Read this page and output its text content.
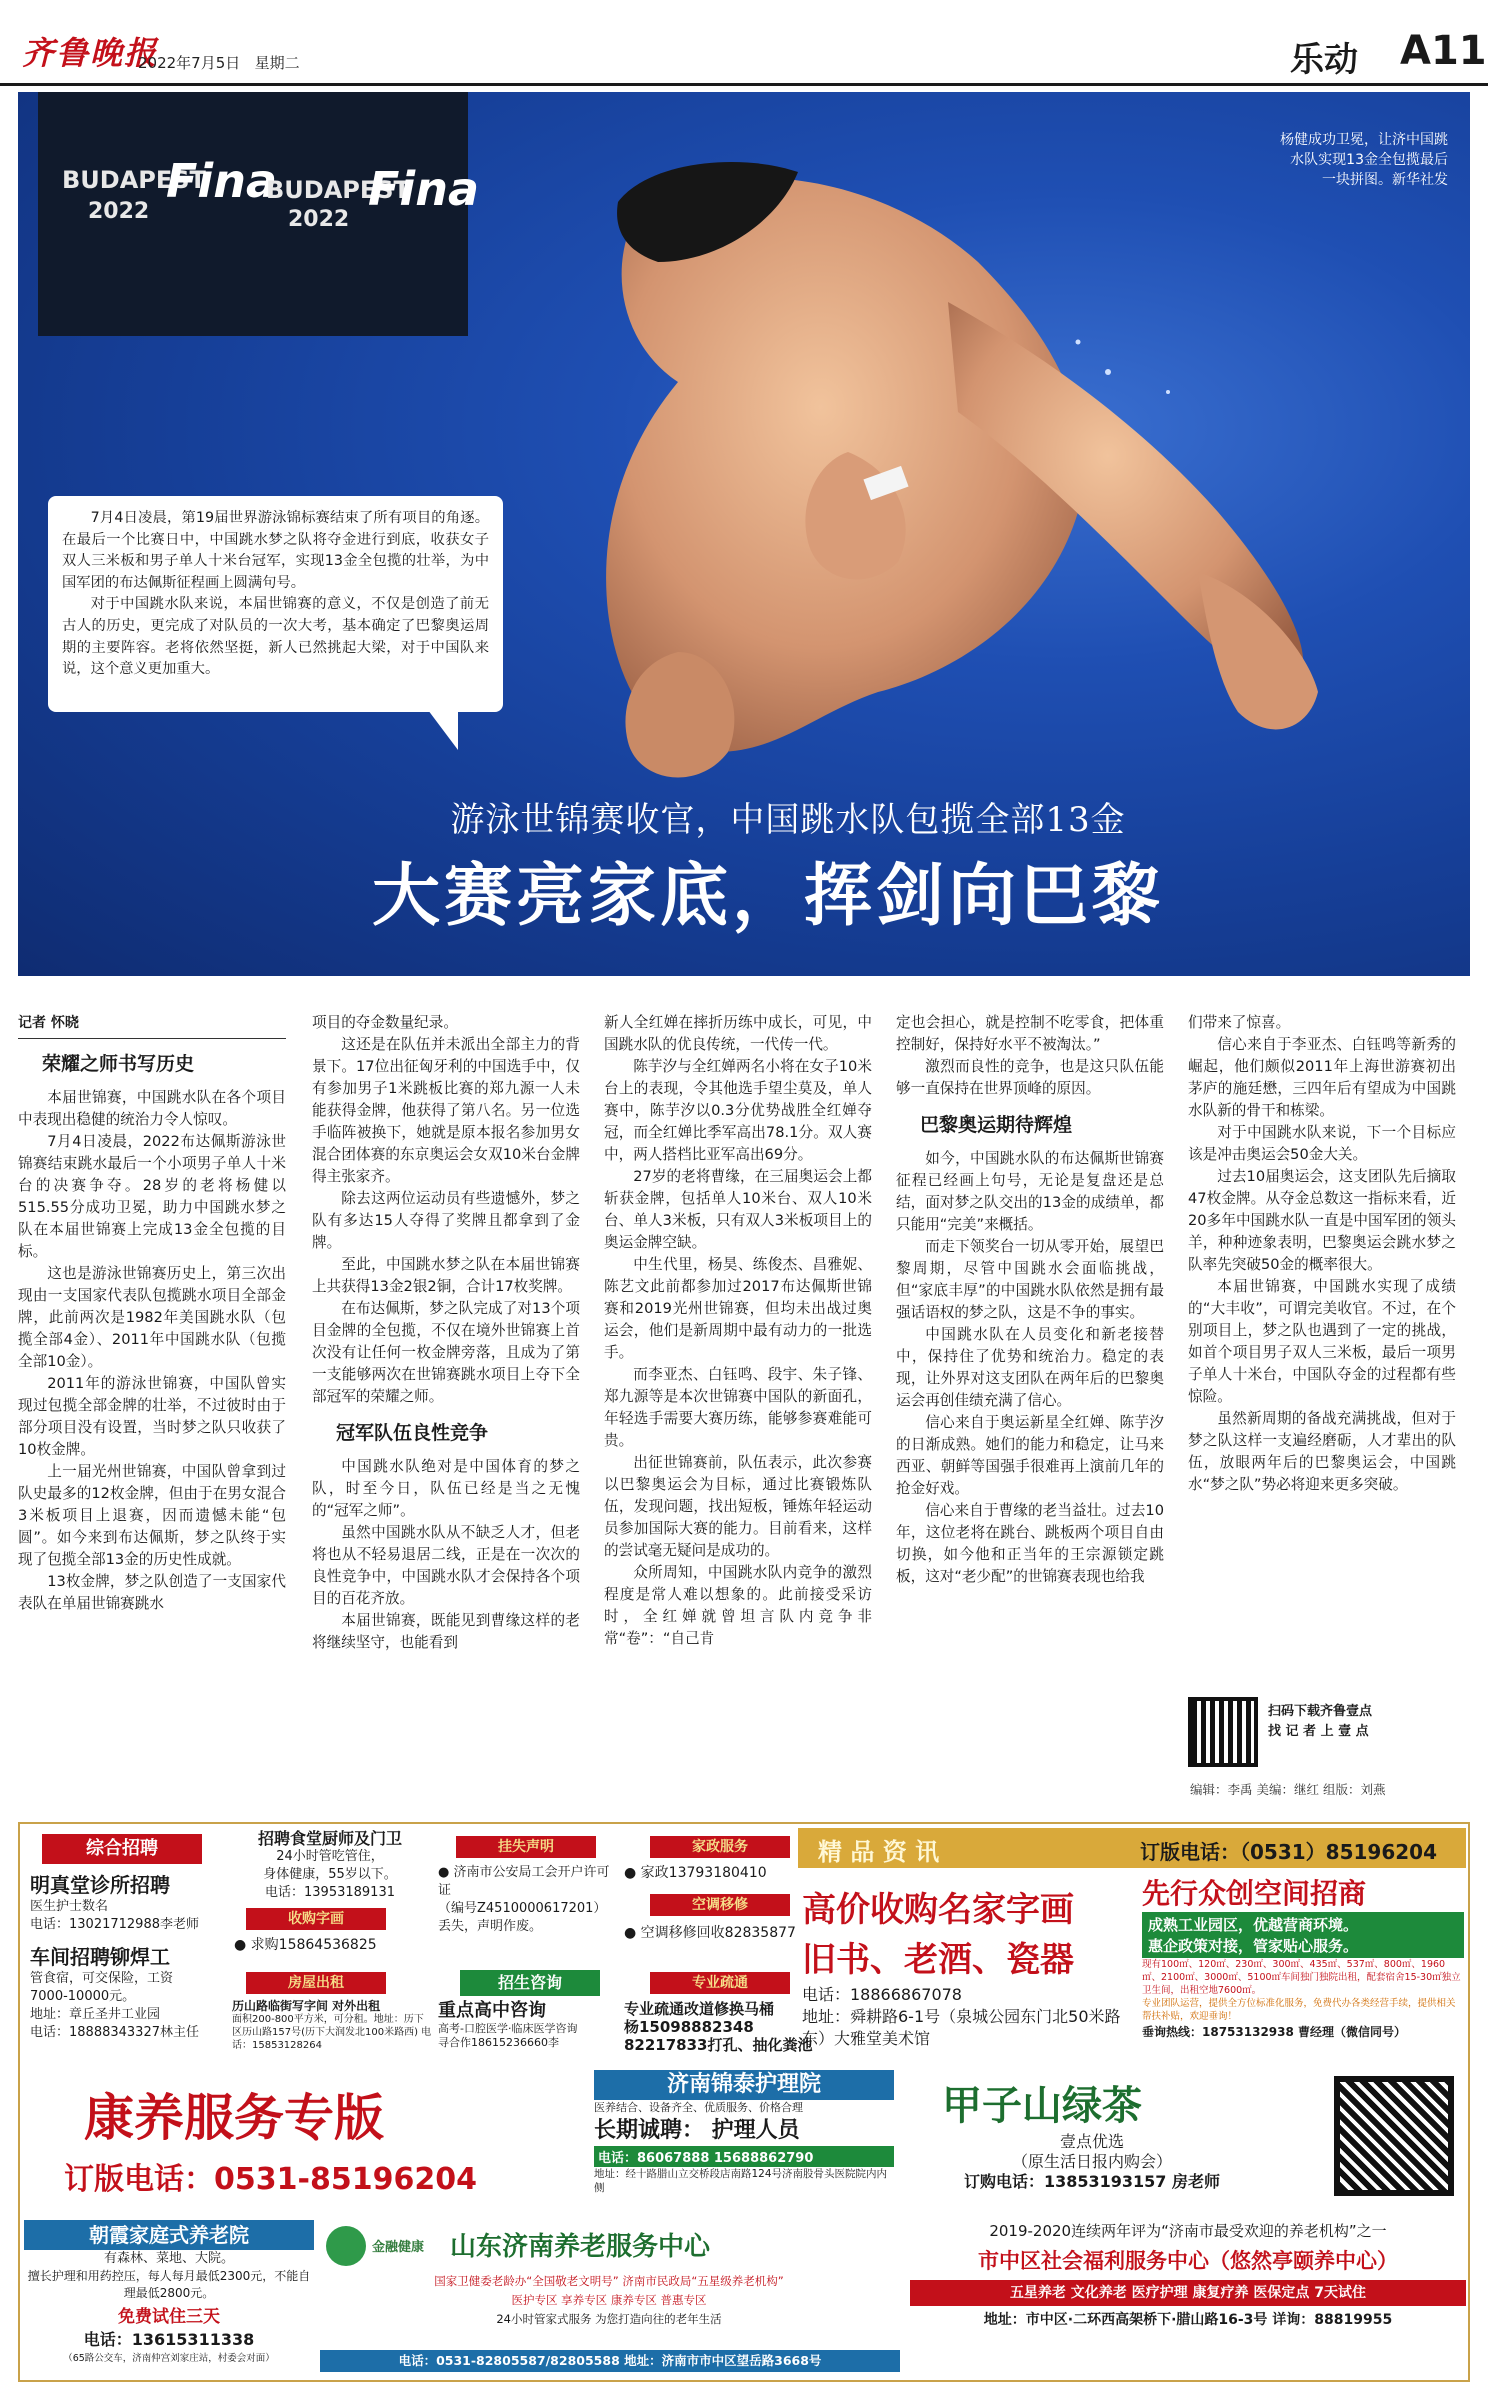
齐鲁晚报
2022年7月5日 星期二	乐动 A11
BUDAPEST
2022
Fina
BUDAPEST
2022
Fina
杨健成功卫冕，让济中国跳水队实现13金全包揽最后一块拼图。新华社发

7月4日凌晨，第19届世界游泳锦标赛结束了所有项目的角逐。在最后一个比赛日中，中国跳水梦之队将夺金进行到底，收获女子双人三米板和男子单人十米台冠军，实现13金全包揽的壮举，为中国军团的布达佩斯征程画上圆满句号。

对于中国跳水队来说，本届世锦赛的意义，不仅是创造了前无古人的历史，更完成了对队员的一次大考，基本确定了巴黎奥运周期的主要阵容。老将依然坚挺，新人已然挑起大梁，对于中国队来说，这个意义更加重大。

游泳世锦赛收官，中国跳水队包揽全部13金
大赛亮家底，挥剑向巴黎

记者 怀晓

荣耀之师书写历史

本届世锦赛，中国跳水队在各个项目中表现出稳健的统治力令人惊叹。

7月4日凌晨，2022布达佩斯游泳世锦赛结束跳水最后一个小项男子单人十米台的决赛争夺。28岁的老将杨健以515.55分成功卫冕，助力中国跳水梦之队在本届世锦赛上完成13金全包揽的目标。

这也是游泳世锦赛历史上，第三次出现由一支国家代表队包揽跳水项目全部金牌，此前两次是1982年美国跳水队（包揽全部4金）、2011年中国跳水队（包揽全部10金）。

2011年的游泳世锦赛，中国队曾实现过包揽全部金牌的壮举，不过彼时由于部分项目没有设置，当时梦之队只收获了10枚金牌。

上一届光州世锦赛，中国队曾拿到过队史最多的12枚金牌，但由于在男女混合3米板项目上退赛，因而遗憾未能“包圆”。如今来到布达佩斯，梦之队终于实现了包揽全部13金的历史性成就。

13枚金牌，梦之队创造了一支国家代表队在单届世锦赛跳水

项目的夺金数量纪录。

这还是在队伍并未派出全部主力的背景下。17位出征匈牙利的中国选手中，仅有参加男子1米跳板比赛的郑九源一人未能获得金牌，他获得了第八名。另一位选手临阵被换下，她就是原本报名参加男女混合团体赛的东京奥运会女双10米台金牌得主张家齐。

除去这两位运动员有些遗憾外，梦之队有多达15人夺得了奖牌且都拿到了金牌。

至此，中国跳水梦之队在本届世锦赛上共获得13金2银2铜，合计17枚奖牌。

在布达佩斯，梦之队完成了对13个项目金牌的全包揽，不仅在境外世锦赛上首次没有让任何一枚金牌旁落，且成为了第一支能够两次在世锦赛跳水项目上夺下全部冠军的荣耀之师。

冠军队伍良性竞争

中国跳水队绝对是中国体育的梦之队，时至今日，队伍已经是当之无愧的“冠军之师”。

虽然中国跳水队从不缺乏人才，但老将也从不轻易退居二线，正是在一次次的良性竞争中，中国跳水队才会保持各个项目的百花齐放。

本届世锦赛，既能见到曹缘这样的老将继续坚守，也能看到

新人全红婵在摔折历练中成长，可见，中国跳水队的优良传统，一代传一代。

陈芋汐与全红婵两名小将在女子10米台上的表现，令其他选手望尘莫及，单人赛中，陈芋汐以0.3分优势战胜全红婵夺冠，而全红婵比季军高出78.1分。双人赛中，两人搭档比亚军高出69分。

27岁的老将曹缘，在三届奥运会上都斩获金牌，包括单人10米台、双人10米台、单人3米板，只有双人3米板项目上的奥运金牌空缺。

中生代里，杨昊、练俊杰、昌雅妮、陈艺文此前都参加过2017布达佩斯世锦赛和2019光州世锦赛，但均未出战过奥运会，他们是新周期中最有动力的一批选手。

而李亚杰、白钰鸣、段宇、朱子锋、郑九源等是本次世锦赛中国队的新面孔，年轻选手需要大赛历练，能够参赛难能可贵。

出征世锦赛前，队伍表示，此次参赛以巴黎奥运会为目标，通过比赛锻炼队伍，发现问题，找出短板，锤炼年轻运动员参加国际大赛的能力。目前看来，这样的尝试毫无疑问是成功的。

众所周知，中国跳水队内竞争的激烈程度是常人难以想象的。此前接受采访时，全红婵就曾坦言队内竞争非常“卷”：“自己肯

定也会担心，就是控制不吃零食，把体重控制好，保持好水平不被淘汰。”

激烈而良性的竞争，也是这只队伍能够一直保持在世界顶峰的原因。

巴黎奥运期待辉煌

如今，中国跳水队的布达佩斯世锦赛征程已经画上句号，无论是复盘还是总结，面对梦之队交出的13金的成绩单，都只能用“完美”来概括。

而走下领奖台一切从零开始，展望巴黎周期，尽管中国跳水会面临挑战，但“家底丰厚”的中国跳水队依然是拥有最强话语权的梦之队，这是不争的事实。

中国跳水队在人员变化和新老接替中，保持住了优势和统治力。稳定的表现，让外界对这支团队在两年后的巴黎奥运会再创佳绩充满了信心。

信心来自于奥运新星全红婵、陈芋汐的日渐成熟。她们的能力和稳定，让马来西亚、朝鲜等国强手很难再上演前几年的抢金好戏。

信心来自于曹缘的老当益壮。过去10年，这位老将在跳台、跳板两个项目自由切换，如今他和正当年的王宗源锁定跳板，这对“老少配”的世锦赛表现也给我

们带来了惊喜。

信心来自于李亚杰、白钰鸣等新秀的崛起，他们颇似2011年上海世游赛初出茅庐的施廷懋，三四年后有望成为中国跳水队新的骨干和栋梁。

对于中国跳水队来说，下一个目标应该是冲击奥运会50金大关。

过去10届奥运会，这支团队先后摘取47枚金牌。从夺金总数这一指标来看，近20多年中国跳水队一直是中国军团的领头羊，种种迹象表明，巴黎奥运会跳水梦之队率先突破50金的概率很大。

本届世锦赛，中国跳水实现了成绩的“大丰收”，可谓完美收官。不过，在个别项目上，梦之队也遇到了一定的挑战，如首个项目男子双人三米板，最后一项男子单人十米台，中国队夺金的过程都有些惊险。

虽然新周期的备战充满挑战，但对于梦之队这样一支遍经磨砺，人才辈出的队伍，放眼两年后的巴黎奥运会，中国跳水“梦之队”势必将迎来更多突破。

扫码下载齐鲁壹点
找 记 者 上 壹 点
编辑：李禹 美编：继红 组版：刘燕
综合招聘
明真堂诊所招聘
医生护士数名
电话：13021712988李老师
车间招聘铆焊工
管食宿，可交保险，工资
7000-10000元。
地址：章丘圣井工业园
电话：18888343327林主任
招聘食堂厨师及门卫
24小时管吃管住，
身体健康，55岁以下。
电话：13953189131
收购字画
● 求购15864536825
房屋出租
历山路临街写字间 对外出租
面积200-800平方米，可分租。地址：历下区历山路157号(历下大润发北100米路西) 电话：15853128264
挂失声明
● 济南市公安局工会开户许可证
（编号Z4510000617201）
丢失，声明作废。
招生咨询
重点高中咨询
高考-口腔医学·临床医学咨询
寻合作18615236660李
家政服务
● 家政13793180410
空调移修
● 空调移修回收82835877
专业疏通
专业疏通改道修换马桶
杨15098882348
82217833打孔、抽化粪池
精 品 资 讯	订版电话：（0531）85196204
高价收购名家字画
旧书、老酒、瓷器
电话：18866867078
地址：舜耕路6-1号（泉城公园东门北50米路东）大雅堂美术馆
先行众创空间招商
成熟工业园区，优越营商环境。
惠企政策对接，管家贴心服务。
现有100㎡、120㎡、230㎡、300㎡、435㎡、537㎡、800㎡、1960㎡、2100㎡、3000㎡、5100㎡车间独门独院出租，配套宿舍15-30㎡独立卫生间，出租空地7600㎡。
专业团队运营，提供全方位标准化服务，免费代办各类经营手续，提供相关帮扶补贴，欢迎垂询！
垂询热线：18753132938 曹经理（微信同号）
康养服务专版
订版电话：0531-85196204
济南锦泰护理院
医养结合、设备齐全、优质服务、价格合理
长期诚聘： 护理人员
电话：86067888 15688862790
地址：经十路腊山立交桥段店南路124号济南股骨头医院院内内侧
甲子山绿茶
壹点优选
（原生活日报内购会）
订购电话：13853193157 房老师
朝霞家庭式养老院
有森林、菜地、大院。
擅长护理和用药控压，每人每月最低2300元，不能自理最低2800元。
免费试住三天
电话：13615311338
（65路公交车，济南仲宫刘家庄站，村委会对面）
金融健康 山东济南养老服务中心
国家卫健委老龄办“全国敬老文明号” 济南市民政局“五星级养老机构”
医护专区 享养专区 康养专区 普惠专区
24小时管家式服务 为您打造向往的老年生活
电话：0531-82805587/82805588 地址：济南市市中区望岳路3668号
2019-2020连续两年评为“济南市最受欢迎的养老机构”之一
市中区社会福利服务中心（悠然亭颐养中心）
五星养老 文化养老 医疗护理 康复疗养 医保定点 7天试住
地址：市中区·二环西高架桥下·腊山路16-3号 详询：88819955
